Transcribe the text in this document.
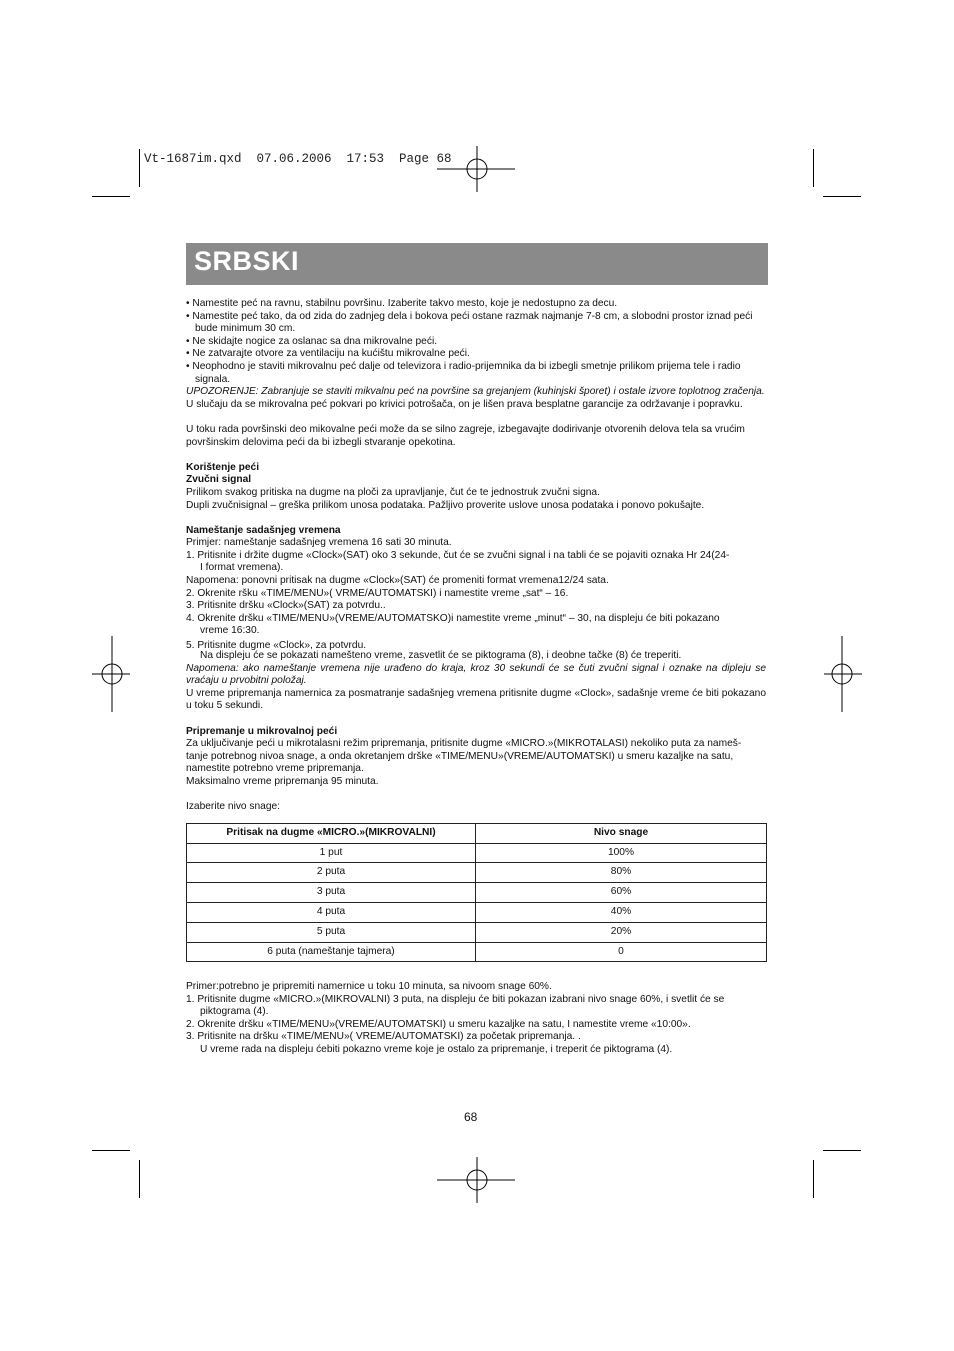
Vt-1687im.qxd  07.06.2006  17:53  Page 68
SRBSKI

• Namestite peć na ravnu, stabilnu površinu. Izaberite takvo mesto, koje je nedostupno za decu.

• Namestite peć tako, da od zida do zadnjeg dela i bokova peći ostane razmak najmanje 7-8 cm, a slobodni prostor iznad peći bude minimum 30 cm.

• Ne skidajte nogice za oslanac sa dna mikrovalne peći.

• Ne zatvarajte otvore za ventilaciju na kućištu mikrovalne peći.

• Neophodno je staviti mikrovalnu peć dalje od televizora i radio-prijemnika da bi izbegli smetnje prilikom prijema tele i radio signala.

UPOZORENJE: Zabranjuje se staviti mikvalnu peć na površine sa grejanjem (kuhinjski šporet) i ostale izvore toplotnog zračenja.

U slučaju da se mikrovalna peć pokvari po krivici potrošača, on je lišen prava besplatne garancije za održavanje i popravku.

U toku rada površinski deo mikovalne peći može da se silno zagreje, izbegavajte dodirivanje otvorenih delova tela sa vrućim površinskim delovima peći da bi izbegli stvaranje opekotina.

Korištenje peći

Zvučni signal

Prilikom svakog pritiska na dugme na ploči za upravljanje, čut će te jednostruk zvučni signa.

Dupli zvučnisignal – greška prilikom unosa podataka. Pažljivo proverite uslove unosa podataka i ponovo pokušajte.

Nameštanje sadašnjeg vremena

Primjer: nameštanje sadašnjeg vremena 16 sati 30 minuta.

1. Pritisnite i držite dugme «Clock»(SAT) oko 3 sekunde, čut će se zvučni signal i na tabli će se pojaviti oznaka Hr 24(24-

I format vremena).

Napomena: ponovni pritisak na dugme «Clock»(SAT) će promeniti format vremena12/24 sata.

2. Okrenite ršku «TIME/MENU»( VRME/AUTOMATSKI) i namestite vreme „sat“ – 16.

3. Pritisnite dršku «Clock»(SAT) za potvrdu..

4. Okrenite dršku «TIME/MENU»(VREME/AUTOMATSKO)i namestite vreme „minut“ – 30, na displeju će biti pokazano

vreme 16:30.

5. Pritisnite dugme «Clock», za potvrdu.

Na displeju će se pokazati namešteno vreme, zasvetlit će se piktograma (8), i deobne tačke (8) će treperiti.

Napomena: ako nameštanje vremena nije urađeno do kraja, kroz 30 sekundi će se čuti zvučni signal i oznake na dipleju se vraćaju u prvobitni položaj.

U vreme pripremanja namernica za posmatranje sadašnjeg vremena pritisnite dugme «Clock», sadašnje vreme će biti pokazano u toku 5 sekundi.

Pripremanje u mikrovalnoj peći

Za uključivanje peći u mikrotalasni režim pripremanja, pritisnite dugme «MICRO.»(MIKROTALASI) nekoliko puta za nameš-

tanje potrebnog nivoa snage, a onda okretanjem drške «TIME/MENU»(VREME/AUTOMATSKI) u smeru kazaljke na satu,

namestite potrebno vreme pripremanja.

Maksimalno vreme pripremanja 95 minuta.

Izaberite nivo snage:

Pritisak na dugme «MICRO.»(MIKROVALNI)	Nivo snage
1 put	100%
2 puta	80%
3 puta	60%
4 puta	40%
5 puta	20%
6 puta (nameštanje tajmera)	0

Primer:potrebno je pripremiti namernice u toku 10 minuta, sa nivoom snage 60%.

1. Pritisnite dugme «MICRO.»(MIKROVALNI) 3 puta, na displeju će biti pokazan izabrani nivo snage 60%, i svetlit će se

piktograma (4).

2. Okrenite dršku «TIME/MENU»(VREME/AUTOMATSKI) u smeru kazaljke na satu, I namestite vreme «10:00».

3. Pritisnite na dršku «TIME/MENU»( VREME/AUTOMATSKI) za početak pripremanja. .

U vreme rada na displeju ćebiti pokazno vreme koje je ostalo za pripremanje, i treperit će piktograma (4).

68
